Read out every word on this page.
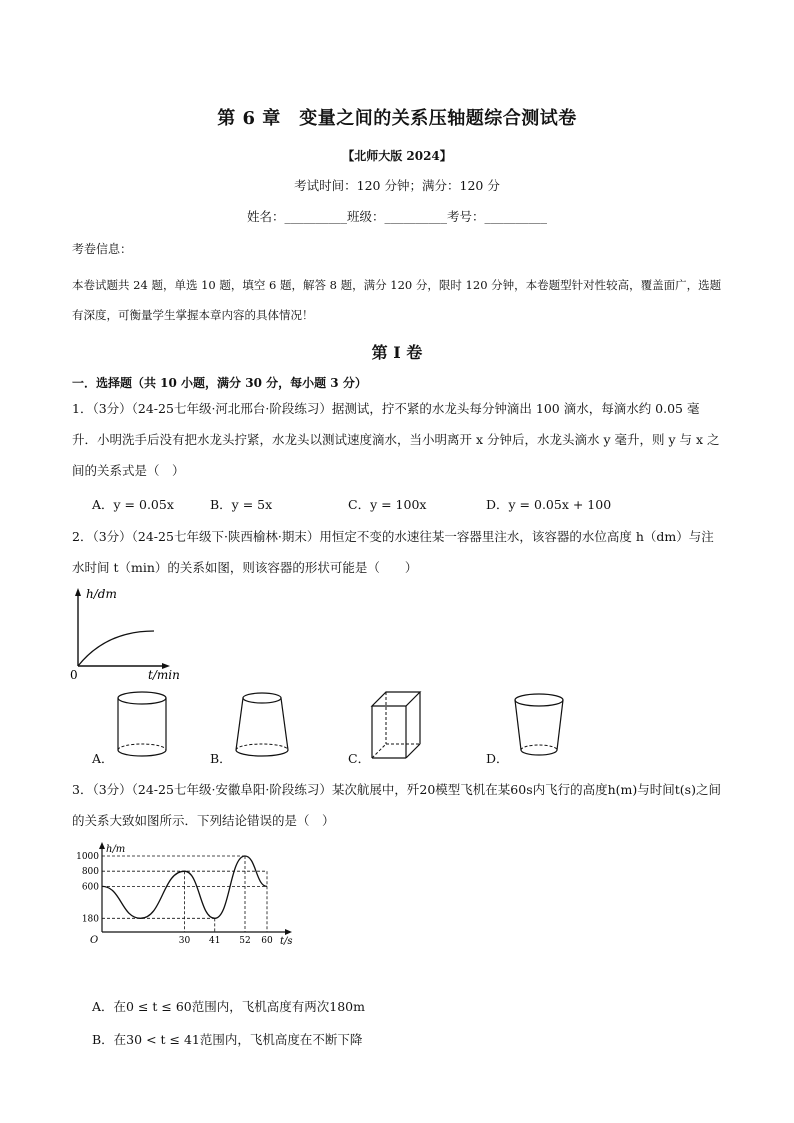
第 6 章　变量之间的关系压轴题综合测试卷
【北师大版 2024】
考试时间：120 分钟；满分：120 分
姓名：__________班级：__________考号：__________
考卷信息：
本卷试题共 24 题，单选 10 题，填空 6 题，解答 8 题，满分 120 分，限时 120 分钟，本卷题型针对性较高，覆盖面广，选题有深度，可衡量学生掌握本章内容的具体情况！
第 I 卷
一．选择题（共 10 小题，满分 30 分，每小题 3 分）
1．（3分）（24-25七年级·河北邢台·阶段练习）据测试，拧不紧的水龙头每分钟滴出 100 滴水，每滴水约 0.05 毫升．小明洗手后没有把水龙头拧紧，水龙头以测试速度滴水，当小明离开 x 分钟后，水龙头滴水 y 毫升，则 y 与 x 之间的关系式是（　）
A．y = 0.05x	B．y = 5x	C．y = 100x	D．y = 0.05x + 100
2．（3分）（24-25七年级下·陕西榆林·期末）用恒定不变的水速往某一容器里注水，该容器的水位高度 h（dm）与注水时间 t（min）的关系如图，则该容器的形状可能是（　　）
h/dm
0	t/min
A．	B．	C．	D．
3．（3分）（24-25七年级·安徽阜阳·阶段练习）某次航展中，歼20模型飞机在某60s内飞行的高度h(m)与时间t(s)之间的关系大致如图所示．下列结论错误的是（　）
h/m
t/s
O
180
600
800
1000
30 41 52 60
A．在0 ≤ t ≤ 60范围内，飞机高度有两次180m
B．在30 < t ≤ 41范围内，飞机高度在不断下降
